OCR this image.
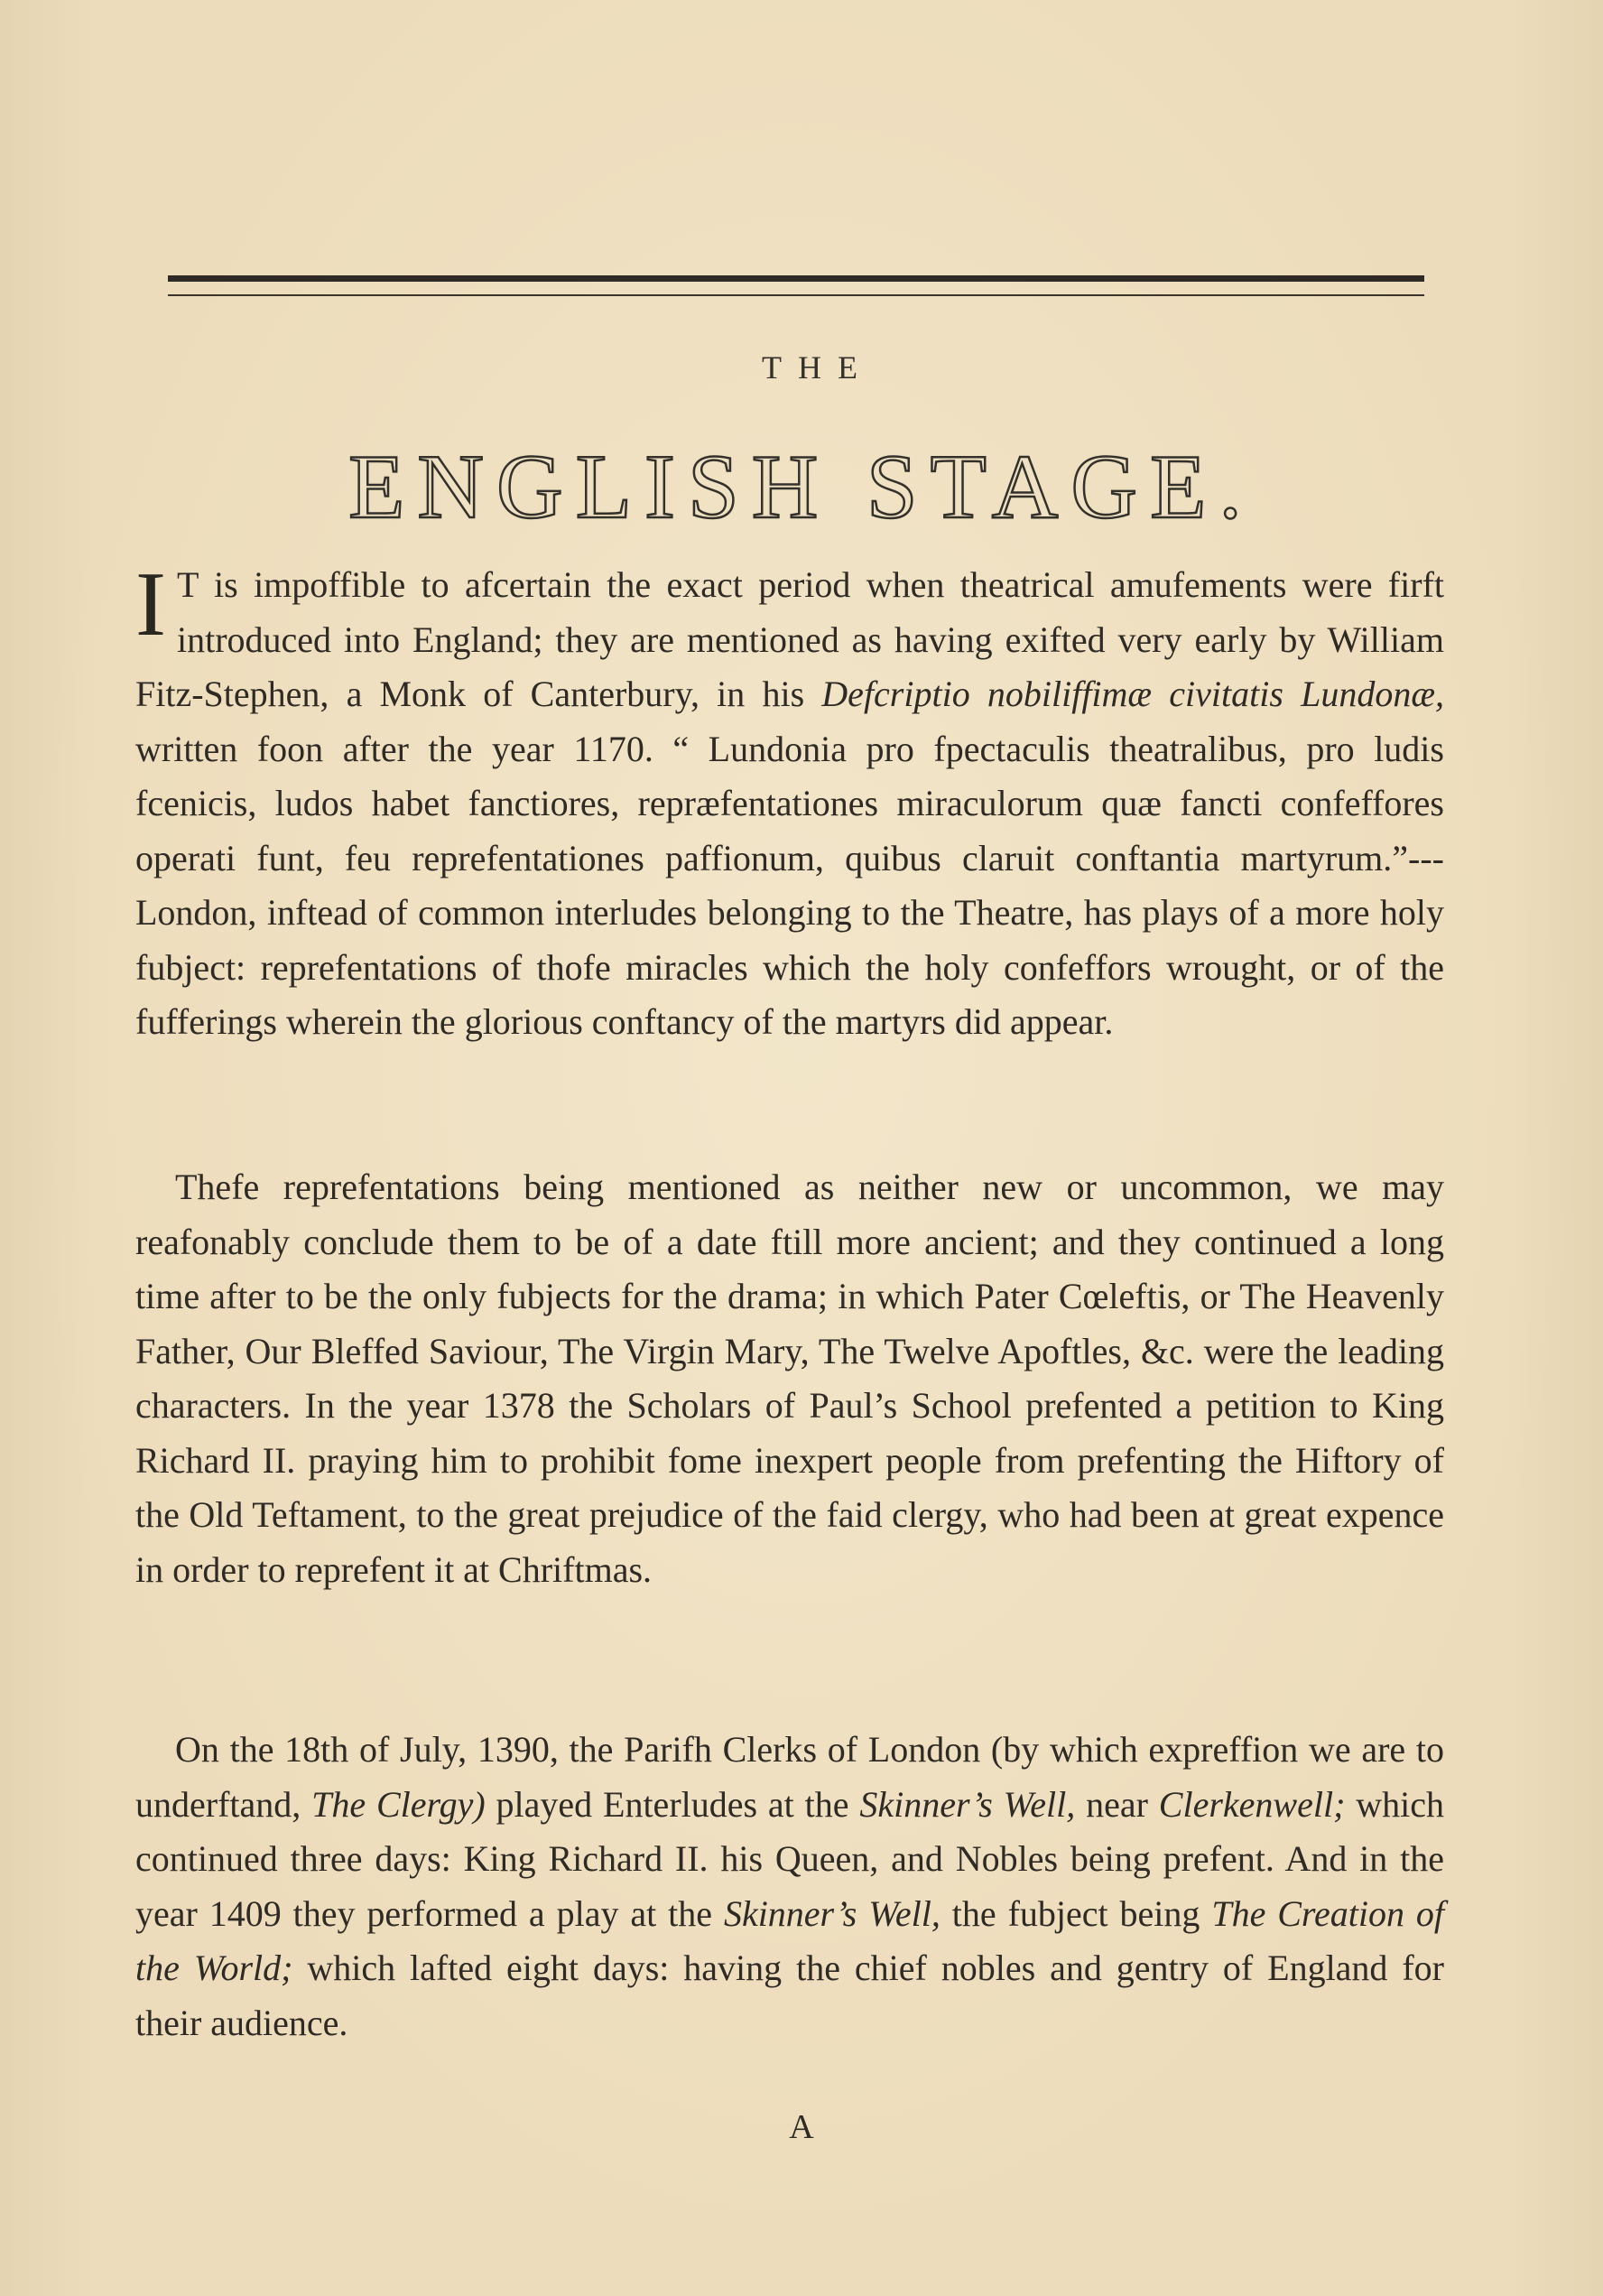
THE
ENGLISH STAGE.

I T is impoffible to afcertain the exact period when theatrical amufements were firft introduced into England; they are mentioned as having exifted very early by William Fitz-Stephen, a Monk of Canterbury, in his Defcriptio nobiliffimæ civitatis Lundonæ, written foon after the year 1170. “ Lundonia pro fpectaculis theatralibus, pro ludis fcenicis, ludos habet fanctiores, repræfentationes miraculorum quæ fancti confeffores operati funt, feu reprefentationes paffionum, quibus claruit conftantia martyrum.”--- London, inftead of common interludes belonging to the Theatre, has plays of a more holy fubject: reprefentations of thofe miracles which the holy confeffors wrought, or of the fufferings wherein the glorious conftancy of the martyrs did appear.

Thefe reprefentations being mentioned as neither new or uncommon, we may reafonably conclude them to be of a date ftill more ancient; and they continued a long time after to be the only fubjects for the drama; in which Pater Cœleftis, or The Heavenly Father, Our Bleffed Saviour, The Virgin Mary, The Twelve Apoftles, &c. were the leading characters. In the year 1378 the Scholars of Paul’s School prefented a petition to King Richard II. praying him to prohibit fome inexpert people from prefenting the Hiftory of the Old Teftament, to the great prejudice of the faid clergy, who had been at great expence in order to reprefent it at Chriftmas.

On the 18th of July, 1390, the Parifh Clerks of London (by which expreffion we are to underftand, The Clergy) played Enterludes at the Skinner’s Well, near Clerkenwell; which continued three days: King Richard II. his Queen, and Nobles being prefent. And in the year 1409 they performed a play at the Skinner’s Well, the fubject being The Creation of the World; which lafted eight days: having the chief nobles and gentry of England for their audience.

A
